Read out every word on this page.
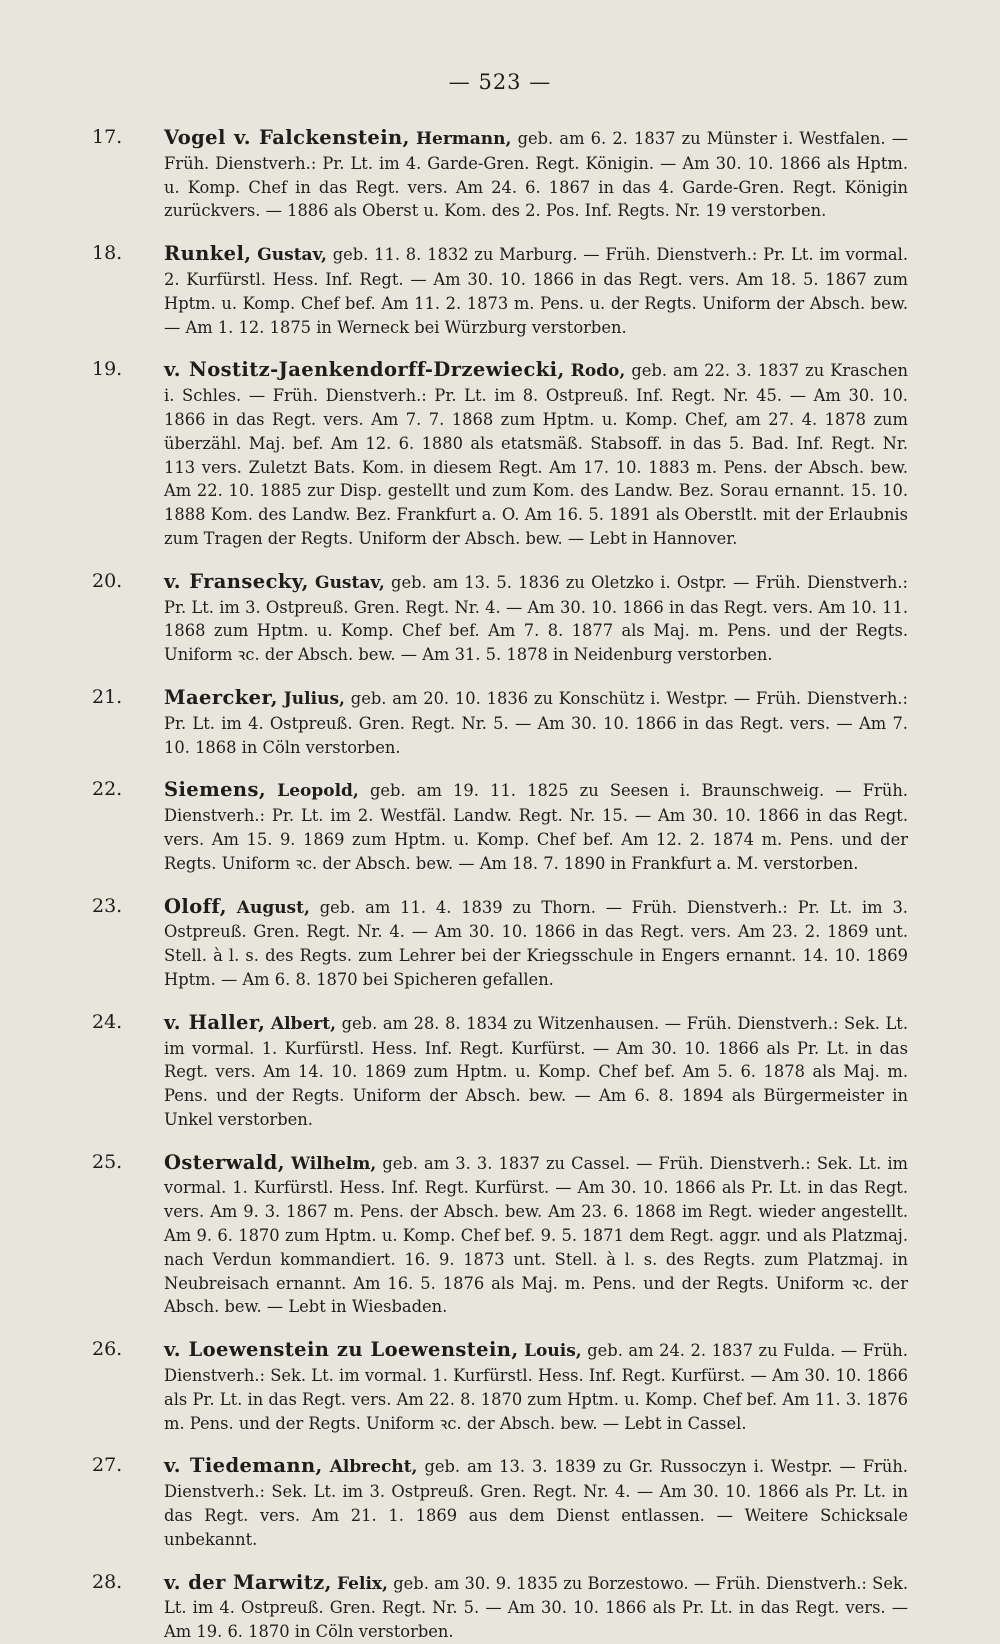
— 523 —
17. Vogel v. Falckenstein, Hermann, geb. am 6. 2. 1837 zu Münster i. Westfalen. — Früh. Dienstverh.: Pr. Lt. im 4. Garde-Gren. Regt. Königin. — Am 30. 10. 1866 als Hptm. u. Komp. Chef in das Regt. vers. Am 24. 6. 1867 in das 4. Garde-Gren. Regt. Königin zurückvers. — 1886 als Oberst u. Kom. des 2. Pos. Inf. Regts. Nr. 19 verstorben.
18. Runkel, Gustav, geb. 11. 8. 1832 zu Marburg. — Früh. Dienstverh.: Pr. Lt. im vormal. 2. Kurfürstl. Hess. Inf. Regt. — Am 30. 10. 1866 in das Regt. vers. Am 18. 5. 1867 zum Hptm. u. Komp. Chef bef. Am 11. 2. 1873 m. Pens. u. der Regts. Uniform der Absch. bew. — Am 1. 12. 1875 in Werneck bei Würzburg verstorben.
19. v. Nostitz-Jaenkendorff-Drzewiecki, Rodo, geb. am 22. 3. 1837 zu Kraschen i. Schles. — Früh. Dienstverh.: Pr. Lt. im 8. Ostpreuß. Inf. Regt. Nr. 45. — Am 30. 10. 1866 in das Regt. vers. Am 7. 7. 1868 zum Hptm. u. Komp. Chef, am 27. 4. 1878 zum überzähl. Maj. bef. Am 12. 6. 1880 als etatsmäß. Stabsoff. in das 5. Bad. Inf. Regt. Nr. 113 vers. Zuletzt Bats. Kom. in diesem Regt. Am 17. 10. 1883 m. Pens. der Absch. bew. Am 22. 10. 1885 zur Disp. gestellt und zum Kom. des Landw. Bez. Sorau ernannt. 15. 10. 1888 Kom. des Landw. Bez. Frankfurt a. O. Am 16. 5. 1891 als Oberstlt. mit der Erlaubnis zum Tragen der Regts. Uniform der Absch. bew. — Lebt in Hannover.
20. v. Fransecky, Gustav, geb. am 13. 5. 1836 zu Oletzko i. Ostpr. — Früh. Dienstverh.: Pr. Lt. im 3. Ostpreuß. Gren. Regt. Nr. 4. — Am 30. 10. 1866 in das Regt. vers. Am 10. 11. 1868 zum Hptm. u. Komp. Chef bef. Am 7. 8. 1877 als Maj. m. Pens. und der Regts. Uniform ꝛc. der Absch. bew. — Am 31. 5. 1878 in Neidenburg verstorben.
21. Maercker, Julius, geb. am 20. 10. 1836 zu Konschütz i. Westpr. — Früh. Dienstverh.: Pr. Lt. im 4. Ostpreuß. Gren. Regt. Nr. 5. — Am 30. 10. 1866 in das Regt. vers. — Am 7. 10. 1868 in Cöln verstorben.
22. Siemens, Leopold, geb. am 19. 11. 1825 zu Seesen i. Braunschweig. — Früh. Dienstverh.: Pr. Lt. im 2. Westfäl. Landw. Regt. Nr. 15. — Am 30. 10. 1866 in das Regt. vers. Am 15. 9. 1869 zum Hptm. u. Komp. Chef bef. Am 12. 2. 1874 m. Pens. und der Regts. Uniform ꝛc. der Absch. bew. — Am 18. 7. 1890 in Frankfurt a. M. verstorben.
23. Oloff, August, geb. am 11. 4. 1839 zu Thorn. — Früh. Dienstverh.: Pr. Lt. im 3. Ostpreuß. Gren. Regt. Nr. 4. — Am 30. 10. 1866 in das Regt. vers. Am 23. 2. 1869 unt. Stell. à l. s. des Regts. zum Lehrer bei der Kriegsschule in Engers ernannt. 14. 10. 1869 Hptm. — Am 6. 8. 1870 bei Spicheren gefallen.
24. v. Haller, Albert, geb. am 28. 8. 1834 zu Witzenhausen. — Früh. Dienstverh.: Sek. Lt. im vormal. 1. Kurfürstl. Hess. Inf. Regt. Kurfürst. — Am 30. 10. 1866 als Pr. Lt. in das Regt. vers. Am 14. 10. 1869 zum Hptm. u. Komp. Chef bef. Am 5. 6. 1878 als Maj. m. Pens. und der Regts. Uniform der Absch. bew. — Am 6. 8. 1894 als Bürgermeister in Unkel verstorben.
25. Osterwald, Wilhelm, geb. am 3. 3. 1837 zu Cassel. — Früh. Dienstverh.: Sek. Lt. im vormal. 1. Kurfürstl. Hess. Inf. Regt. Kurfürst. — Am 30. 10. 1866 als Pr. Lt. in das Regt. vers. Am 9. 3. 1867 m. Pens. der Absch. bew. Am 23. 6. 1868 im Regt. wieder angestellt. Am 9. 6. 1870 zum Hptm. u. Komp. Chef bef. 9. 5. 1871 dem Regt. aggr. und als Platzmaj. nach Verdun kommandiert. 16. 9. 1873 unt. Stell. à l. s. des Regts. zum Platzmaj. in Neubreisach ernannt. Am 16. 5. 1876 als Maj. m. Pens. und der Regts. Uniform ꝛc. der Absch. bew. — Lebt in Wiesbaden.
26. v. Loewenstein zu Loewenstein, Louis, geb. am 24. 2. 1837 zu Fulda. — Früh. Dienstverh.: Sek. Lt. im vormal. 1. Kurfürstl. Hess. Inf. Regt. Kurfürst. — Am 30. 10. 1866 als Pr. Lt. in das Regt. vers. Am 22. 8. 1870 zum Hptm. u. Komp. Chef bef. Am 11. 3. 1876 m. Pens. und der Regts. Uniform ꝛc. der Absch. bew. — Lebt in Cassel.
27. v. Tiedemann, Albrecht, geb. am 13. 3. 1839 zu Gr. Russoczyn i. Westpr. — Früh. Dienstverh.: Sek. Lt. im 3. Ostpreuß. Gren. Regt. Nr. 4. — Am 30. 10. 1866 als Pr. Lt. in das Regt. vers. Am 21. 1. 1869 aus dem Dienst entlassen. — Weitere Schicksale unbekannt.
28. v. der Marwitz, Felix, geb. am 30. 9. 1835 zu Borzestowo. — Früh. Dienstverh.: Sek. Lt. im 4. Ostpreuß. Gren. Regt. Nr. 5. — Am 30. 10. 1866 als Pr. Lt. in das Regt. vers. — Am 19. 6. 1870 in Cöln verstorben.
